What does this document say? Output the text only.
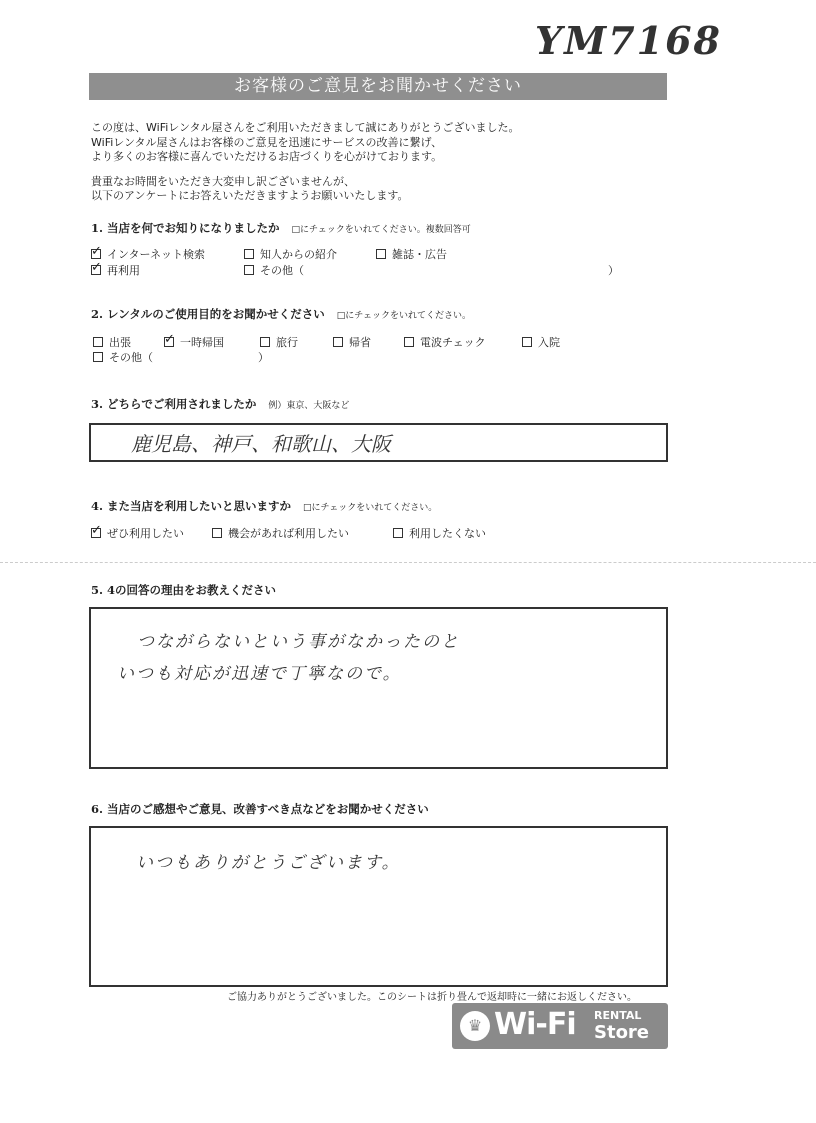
YM7168
お客様のご意見をお聞かせください
この度は、WiFiレンタル屋さんをご利用いただきまして誠にありがとうございました。
WiFiレンタル屋さんはお客様のご意見を迅速にサービスの改善に繋げ、
より多くのお客様に喜んでいただけるお店づくりを心がけております。
貴重なお時間をいただき大変申し訳ございませんが、
以下のアンケートにお答えいただきますようお願いいたします。
1. 当店を何でお知りになりましたか □にチェックをいれてください。複数回答可
✓インターネット検索	知人からの紹介	雑誌・広告
✓再利用	その他（	）
2. レンタルのご使用目的をお聞かせください □にチェックをいれてください。
出張
✓	一時帰国	旅行	帰省	電波チェック	入院
その他（	）
3. どちらでご利用されましたか 例）東京、大阪など
鹿児島、神戸、和歌山、大阪
4. また当店を利用したいと思いますか □にチェックをいれてください。
✓ぜひ利用したい	機会があれば利用したい	利用したくない
5. 4の回答の理由をお教えください
つながらないという事がなかったのと
いつも対応が迅速で丁寧なので。
6. 当店のご感想やご意見、改善すべき点などをお聞かせください
いつもありがとうございます。
ご協力ありがとうございました。このシートは折り畳んで返却時に一緒にお返しください。
♛ Wi-Fi RENTAL
Store
